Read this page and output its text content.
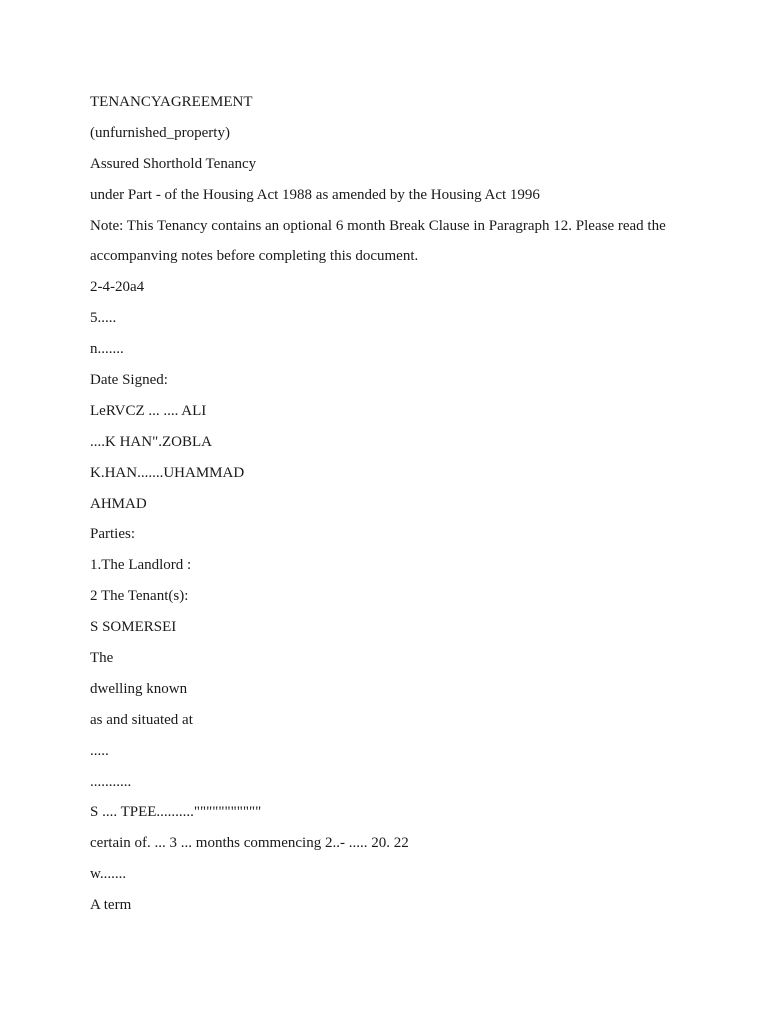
TENANCYAGREEMENT
(unfurnished_property)
Assured Shorthold Tenancy
under Part - of the Housing Act 1988 as amended by the Housing Act 1996
Note: This Tenancy contains an optional 6 month Break Clause in Paragraph 12. Please read the
accompanving notes before completing this document.
2-4-20a4
5.....
n.......
Date Signed:
LeRVCZ ... .... ALI
....K HAN".ZOBLA
K.HAN.......UHAMMAD
AHMAD
Parties:
1.The Landlord :
2 The Tenant(s):
S SOMERSEI
The
dwelling known
as and situated at
.....
...........
S .... TPEE.........."""""""""""
certain of. ... 3 ... months commencing 2..- ..... 20. 22
w.......
A term
